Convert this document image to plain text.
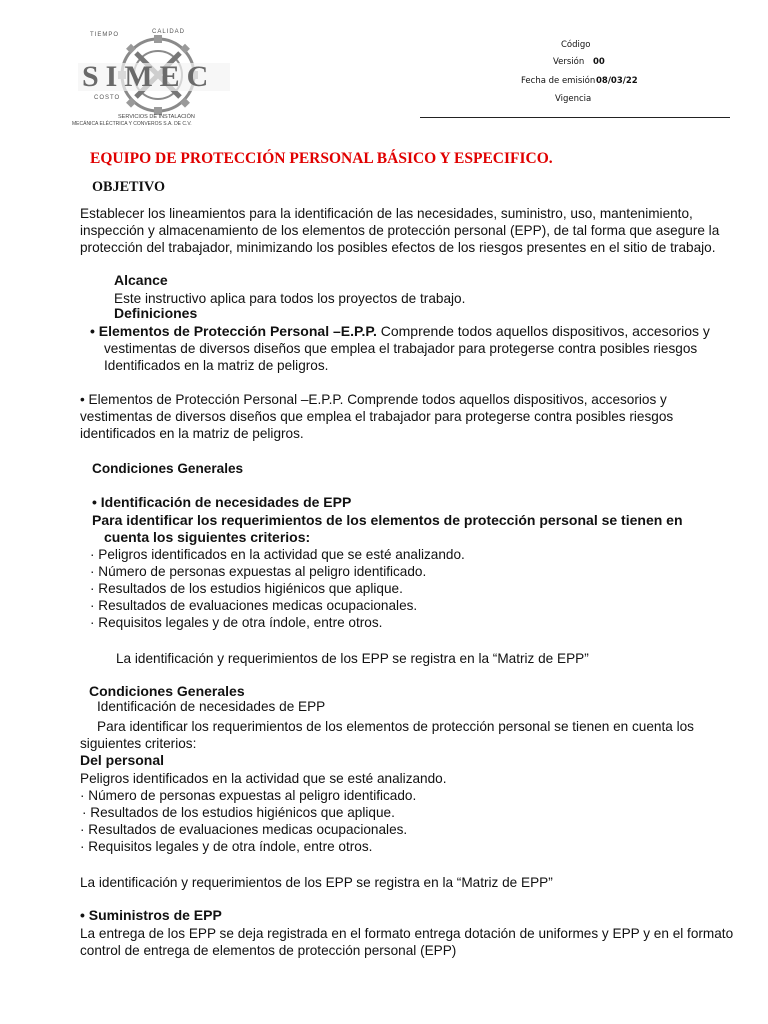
TIEMPO	CALIDAD
SIMEC
COSTO
SERVICIOS DE INSTALACIÓN
MECÁNICA ELÉCTRICA Y CONVEROS S.A. DE C.V.
Código
Versión 00
Fecha de emisión 08/03/22
Vigencia
EQUIPO DE PROTECCIÓN PERSONAL BÁSICO Y ESPECIFICO.
OBJETIVO
Establecer los lineamientos para la identificación de las necesidades, suministro, uso, mantenimiento,
inspección y almacenamiento de los elementos de protección personal (EPP), de tal forma que asegure la
protección del trabajador, minimizando los posibles efectos de los riesgos presentes en el sitio de trabajo.
Alcance
Este instructivo aplica para todos los proyectos de trabajo.
Definiciones
• Elementos de Protección Personal –E.P.P. Comprende todos aquellos dispositivos, accesorios y
vestimentas de diversos diseños que emplea el trabajador para protegerse contra posibles riesgos
Identificados en la matriz de peligros.
• Elementos de Protección Personal –E.P.P. Comprende todos aquellos dispositivos, accesorios y
vestimentas de diversos diseños que emplea el trabajador para protegerse contra posibles riesgos
identificados en la matriz de peligros.
Condiciones Generales
• Identificación de necesidades de EPP
Para identificar los requerimientos de los elementos de protección personal se tienen en
cuenta los siguientes criterios:
· Peligros identificados en la actividad que se esté analizando.
· Número de personas expuestas al peligro identificado.
· Resultados de los estudios higiénicos que aplique.
· Resultados de evaluaciones medicas ocupacionales.
· Requisitos legales y de otra índole, entre otros.
La identificación y requerimientos de los EPP se registra en la “Matriz de EPP”
Condiciones Generales
Identificación de necesidades de EPP
Para identificar los requerimientos de los elementos de protección personal se tienen en cuenta los
siguientes criterios:
Del personal
Peligros identificados en la actividad que se esté analizando.
· Número de personas expuestas al peligro identificado.
· Resultados de los estudios higiénicos que aplique.
· Resultados de evaluaciones medicas ocupacionales.
· Requisitos legales y de otra índole, entre otros.
La identificación y requerimientos de los EPP se registra en la “Matriz de EPP”
• Suministros de EPP
La entrega de los EPP se deja registrada en el formato entrega dotación de uniformes y EPP y en el formato
control de entrega de elementos de protección personal (EPP)
